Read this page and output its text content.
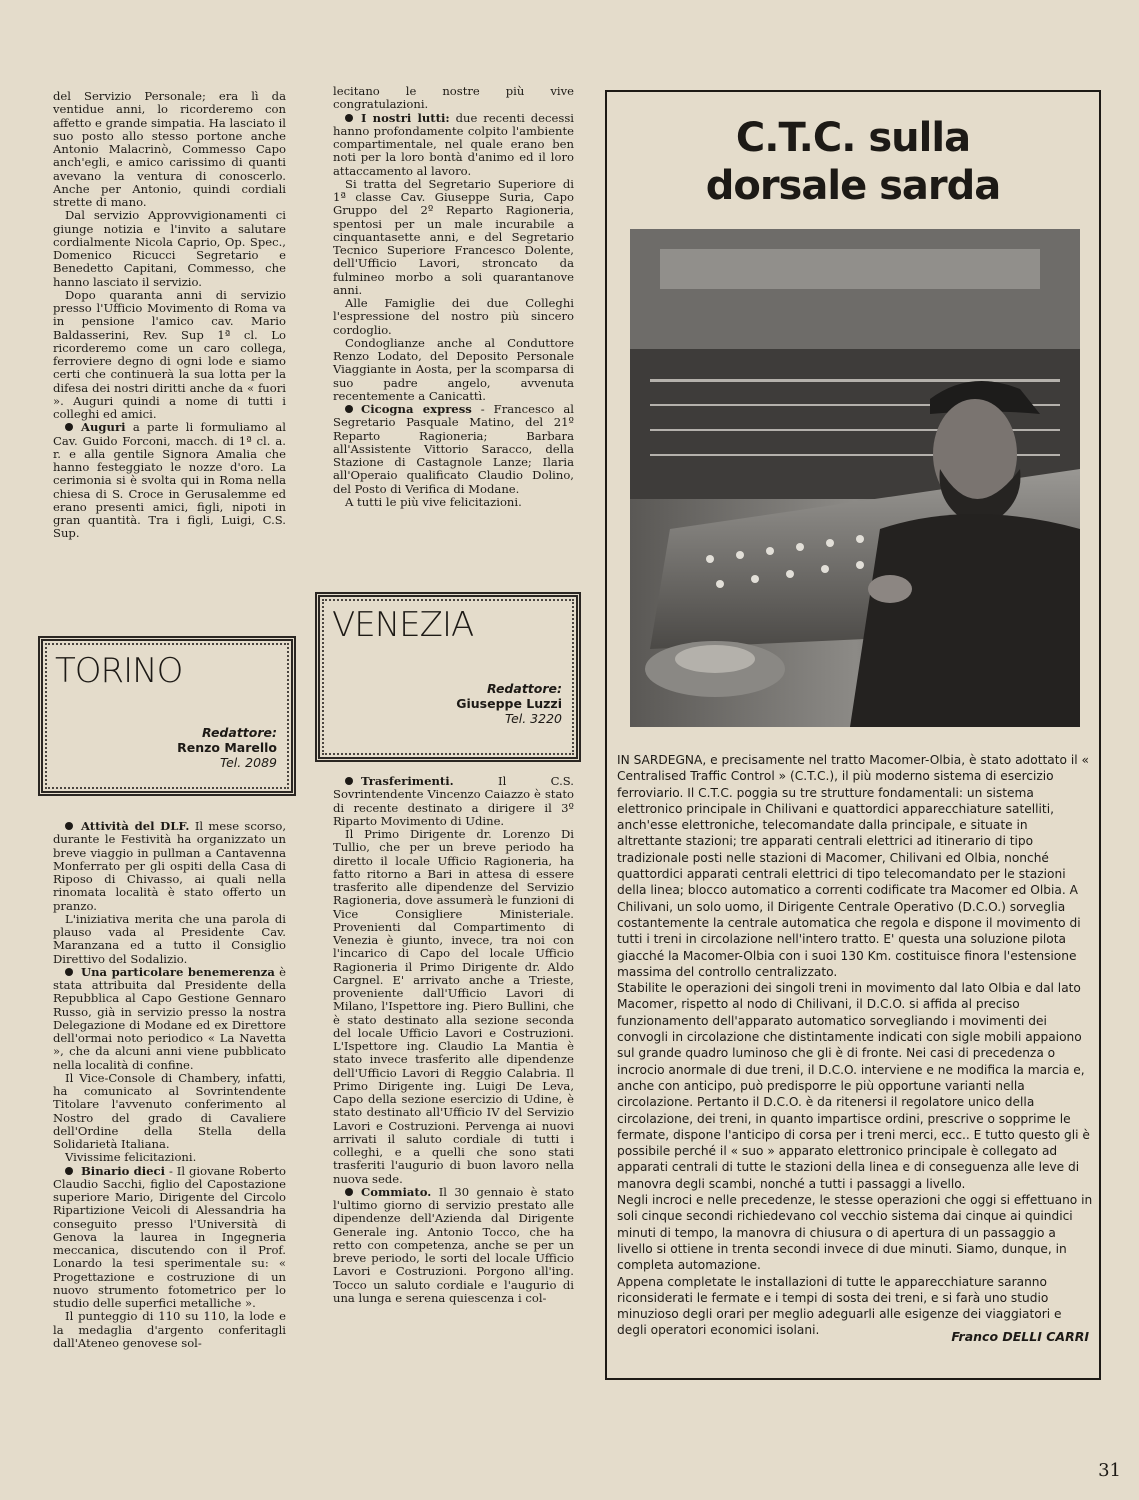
del Servizio Personale; era lì da ventidue anni, lo ricorderemo con affetto e grande simpatia. Ha lasciato il suo posto allo stesso portone anche Antonio Malacrinò, Commesso Capo anch'egli, e amico carissimo di quanti avevano la ventura di conoscerlo. Anche per Antonio, quindi cordiali strette di mano.

Dal servizio Approvvigionamenti ci giunge notizia e l'invito a salutare cordialmente Nicola Caprio, Op. Spec., Domenico Ricucci Segretario e Benedetto Capitani, Commesso, che hanno lasciato il servizio.

Dopo quaranta anni di servizio presso l'Ufficio Movimento di Roma va in pensione l'amico cav. Mario Baldasserini, Rev. Sup 1ª cl. Lo ricorderemo come un caro collega, ferroviere degno di ogni lode e siamo certi che continuerà la sua lotta per la difesa dei nostri diritti anche da « fuori ». Auguri quindi a nome di tutti i colleghi ed amici.

Auguri a parte li formuliamo al Cav. Guido Forconi, macch. di 1ª cl. a. r. e alla gentile Signora Amalia che hanno festeggiato le nozze d'oro. La cerimonia si è svolta qui in Roma nella chiesa di S. Croce in Gerusalemme ed erano presenti amici, figli, nipoti in gran quantità. Tra i figli, Luigi, C.S. Sup.

TORINO
Redattore:
Renzo Marello
Tel. 2089

Attività del DLF. Il mese scorso, durante le Festività ha organizzato un breve viaggio in pullman a Cantavenna Monferrato per gli ospiti della Casa di Riposo di Chivasso, ai quali nella rinomata località è stato offerto un pranzo.

L'iniziativa merita che una parola di plauso vada al Presidente Cav. Maranzana ed a tutto il Consiglio Direttivo del Sodalizio.

Una particolare benemerenza è stata attribuita dal Presidente della Repubblica al Capo Gestione Gennaro Russo, già in servizio presso la nostra Delegazione di Modane ed ex Direttore dell'ormai noto periodico « La Navetta », che da alcuni anni viene pubblicato nella località di confine.

Il Vice-Console di Chambery, infatti, ha comunicato al Sovrintendente Titolare l'avvenuto conferimento al Nostro del grado di Cavaliere dell'Ordine della Stella della Solidarietà Italiana.

Vivissime felicitazioni.

Binario dieci - Il giovane Roberto Claudio Sacchi, figlio del Capostazione superiore Mario, Dirigente del Circolo Ripartizione Veicoli di Alessandria ha conseguito presso l'Università di Genova la laurea in Ingegneria meccanica, discutendo con il Prof. Lonardo la tesi sperimentale su: « Progettazione e costruzione di un nuovo strumento fotometrico per lo studio delle superfici metalliche ».

Il punteggio di 110 su 110, la lode e la medaglia d'argento conferitagli dall'Ateneo genovese sol-

lecitano le nostre più vive congratulazioni.

I nostri lutti: due recenti decessi hanno profondamente colpito l'ambiente compartimentale, nel quale erano ben noti per la loro bontà d'animo ed il loro attaccamento al lavoro.

Si tratta del Segretario Superiore di 1ª classe Cav. Giuseppe Suria, Capo Gruppo del 2º Reparto Ragioneria, spentosi per un male incurabile a cinquantasette anni, e del Segretario Tecnico Superiore Francesco Dolente, dell'Ufficio Lavori, stroncato da fulmineo morbo a soli quarantanove anni.

Alle Famiglie dei due Colleghi l'espressione del nostro più sincero cordoglio.

Condoglianze anche al Conduttore Renzo Lodato, del Deposito Personale Viaggiante in Aosta, per la scomparsa di suo padre angelo, avvenuta recentemente a Canicattì.

Cicogna express - Francesco al Segretario Pasquale Matino, del 21º Reparto Ragioneria; Barbara all'Assistente Vittorio Saracco, della Stazione di Castagnole Lanze; Ilaria all'Operaio qualificato Claudio Dolino, del Posto di Verifica di Modane.

A tutti le più vive felicitazioni.

VENEZIA
Redattore:
Giuseppe Luzzi
Tel. 3220

Trasferimenti.	Il C.S. Sovrintendente Vincenzo Caiazzo è stato di recente destinato a dirigere il 3º Riparto Movimento di Udine.

Il Primo Dirigente dr. Lorenzo Di Tullio, che per un breve periodo ha diretto il locale Ufficio Ragioneria, ha fatto ritorno a Bari in attesa di essere trasferito alle dipendenze del Servizio Ragioneria, dove assumerà le funzioni di Vice Consigliere Ministeriale. Provenienti dal Compartimento di Venezia è giunto, invece, tra noi con l'incarico di Capo del locale Ufficio Ragioneria il Primo Dirigente dr. Aldo Cargnel. E' arrivato anche a Trieste, proveniente dall'Ufficio Lavori di Milano, l'Ispettore ing. Piero Bullini, che è stato destinato alla sezione seconda del locale Ufficio Lavori e Costruzioni. L'Ispettore ing. Claudio La Mantia è stato invece trasferito alle dipendenze dell'Ufficio Lavori di Reggio Calabria. Il Primo Dirigente ing. Luigi De Leva, Capo della sezione esercizio di Udine, è stato destinato all'Ufficio IV del Servizio Lavori e Costruzioni. Pervenga ai nuovi arrivati il saluto cordiale di tutti i colleghi, e a quelli che sono stati trasferiti l'augurio di buon lavoro nella nuova sede.

Commiato. Il 30 gennaio è stato l'ultimo giorno di servizio prestato alle dipendenze dell'Azienda dal Dirigente Generale ing. Antonio Tocco, che ha retto con competenza, anche se per un breve periodo, le sorti del locale Ufficio Lavori e Costruzioni. Porgono all'ing. Tocco un saluto cordiale e l'augurio di una lunga e serena quiescenza i col-

C.T.C. sulla
dorsale sarda

IN SARDEGNA, e precisamente nel tratto Macomer-Olbia, è stato adottato il « Centralised Traffic Control » (C.T.C.), il più moderno sistema di esercizio ferroviario. Il C.T.C. poggia su tre strutture fondamentali: un sistema elettronico principale in Chilivani e quattordici apparecchiature satelliti, anch'esse elettroniche, telecomandate dalla principale, e situate in altrettante stazioni; tre apparati centrali elettrici ad itinerario di tipo tradizionale posti nelle stazioni di Macomer, Chilivani ed Olbia, nonché quattordici apparati centrali elettrici di tipo telecomandato per le stazioni della linea; blocco automatico a correnti codificate tra Macomer ed Olbia. A Chilivani, un solo uomo, il Dirigente Centrale Operativo (D.C.O.) sorveglia costantemente la centrale automatica che regola e dispone il movimento di tutti i treni in circolazione nell'intero tratto. E' questa una soluzione pilota giacché la Macomer-Olbia con i suoi 130 Km. costituisce finora l'estensione massima del controllo centralizzato.

Stabilite le operazioni dei singoli treni in movimento dal lato Olbia e dal lato Macomer, rispetto al nodo di Chilivani, il D.C.O. si affida al preciso funzionamento dell'apparato automatico sorvegliando i movimenti dei convogli in circolazione che distintamente indicati con sigle mobili appaiono sul grande quadro luminoso che gli è di fronte. Nei casi di precedenza o incrocio anormale di due treni, il D.C.O. interviene e ne modifica la marcia e, anche con anticipo, può predisporre le più opportune varianti nella circolazione. Pertanto il D.C.O. è da ritenersi il regolatore unico della circolazione, dei treni, in quanto impartisce ordini, prescrive o sopprime le fermate, dispone l'anticipo di corsa per i treni merci, ecc.. E tutto questo gli è possibile perché il « suo » apparato elettronico principale è collegato ad apparati centrali di tutte le stazioni della linea e di conseguenza alle leve di manovra degli scambi, nonché a tutti i passaggi a livello.

Negli incroci e nelle precedenze, le stesse operazioni che oggi si effettuano in soli cinque secondi richiedevano col vecchio sistema dai cinque ai quindici minuti di tempo, la manovra di chiusura o di apertura di un passaggio a livello si ottiene in trenta secondi invece di due minuti. Siamo, dunque, in completa automazione.

Appena completate le installazioni di tutte le apparecchiature saranno riconsiderati le fermate e i tempi di sosta dei treni, e si farà uno studio minuzioso degli orari per meglio adeguarli alle esigenze dei viaggiatori e degli operatori economici isolani.	Franco DELLI CARRI
31
